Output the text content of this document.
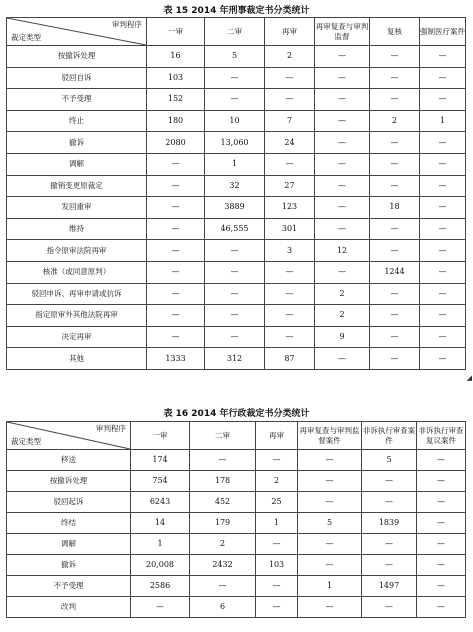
表 15 2014 年刑事裁定书分类统计
审判程序
裁定类型	一审	二审	再审	再审复查与审判监督	复核	强制医疗案件
按撤诉处理	16	5	2	—	—	—
驳回自诉	103	—	—	—	—	—
不予受理	152	—	—	—	—	—
终止	180	10	7	—	2	1
撤诉	2080	13,060	24	—	—	—
调解	—	1	—	—	—	—
撤销变更原裁定	—	32	27	—	—	—
发回重审	—	3889	123	—	18	—
维持	—	46,555	301	—	—	—
指令原审法院再审	—	—	3	12	—	—
核准（或同意原判）	—	—	—	—	1244	—
驳回申诉、再审申请或抗诉	—	—	—	2	—	—
指定原审外其他法院再审	—	—	—	2	—	—
决定再审	—	—	—	9	—	—
其他	1333	312	87	—	—	—
◢
表 16 2014 年行政裁定书分类统计
审判程序
裁定类型	一审	二审	再审	再审复查与审判监督案件	非诉执行审查案件	非诉执行审查复议案件
移送	174	—	—	—	5	—
按撤诉处理	754	178	2	—	—	—
驳回起诉	6243	452	25	—	—	—
终结	14	179	1	5	1839	—
调解	1	2	—	—	—	—
撤诉	20,008	2432	103	—	—	—
不予受理	2586	—	—	1	1497	—
改判	—	6	—	—	—	—
